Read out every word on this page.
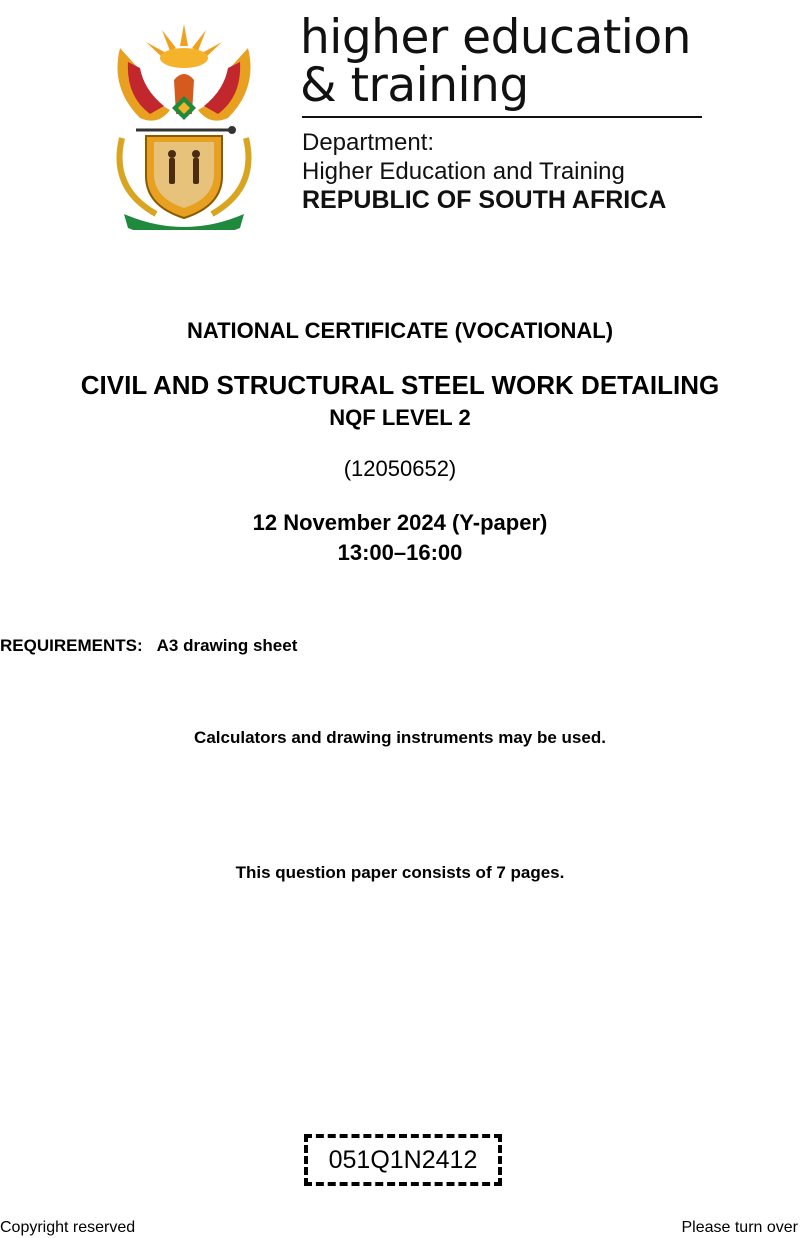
higher education
& training
Department:
Higher Education and Training
REPUBLIC OF SOUTH AFRICA
NATIONAL CERTIFICATE (VOCATIONAL)
CIVIL AND STRUCTURAL STEEL WORK DETAILING
NQF LEVEL 2
(12050652)
12 November 2024 (Y-paper)
13:00–16:00
REQUIREMENTS: A3 drawing sheet
Calculators and drawing instruments may be used.
This question paper consists of 7 pages.
051Q1N2412
Copyright reserved	Please turn over
